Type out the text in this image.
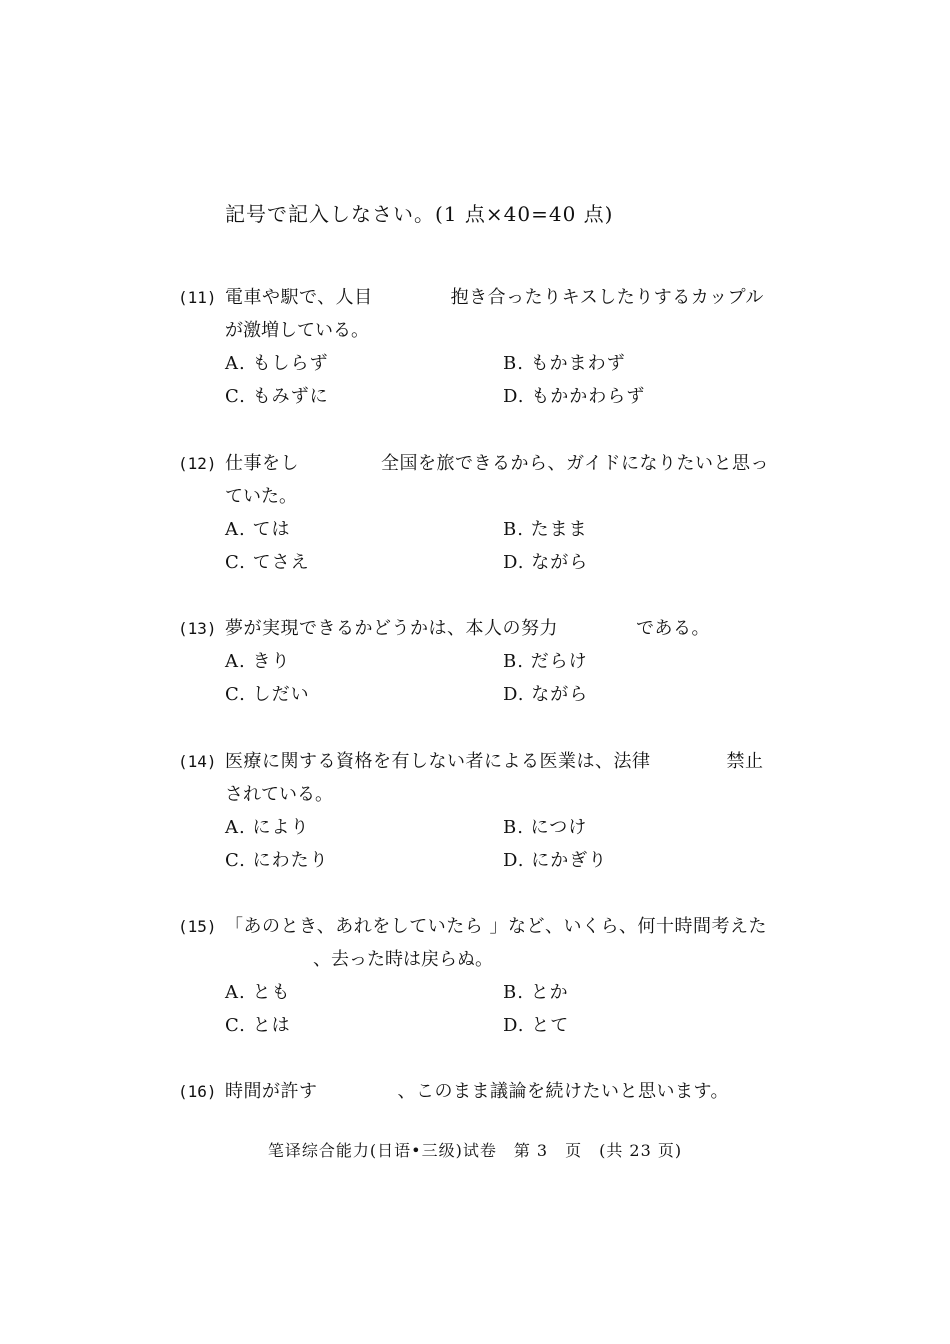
記号で記入しなさい。(1 点×40=40 点)
(11) 電車や駅で、人目	抱き合ったりキスしたりするカップル
が激増している。
A. もしらず	B. もかまわず
C. もみずに	D. もかかわらず
(12) 仕事をし	全国を旅できるから、ガイドになりたいと思っ
ていた。
A. ては	B. たまま
C. てさえ	D. ながら
(13) 夢が実現できるかどうかは、本人の努力	である。
A. きり	B. だらけ
C. しだい	D. ながら
(14) 医療に関する資格を有しない者による医業は、法律	禁止
されている。
A. により	B. につけ
C. にわたり	D. にかぎり
(15) 「あのとき、あれをしていたら 」など、いくら、何十時間考えた
、去った時は戻らぬ。
A. とも	B. とか
C. とは	D. とて
(16) 時間が許す	、このまま議論を続けたいと思います。
笔译综合能力(日语•三级)试卷　第 3　页　(共 23 页)
